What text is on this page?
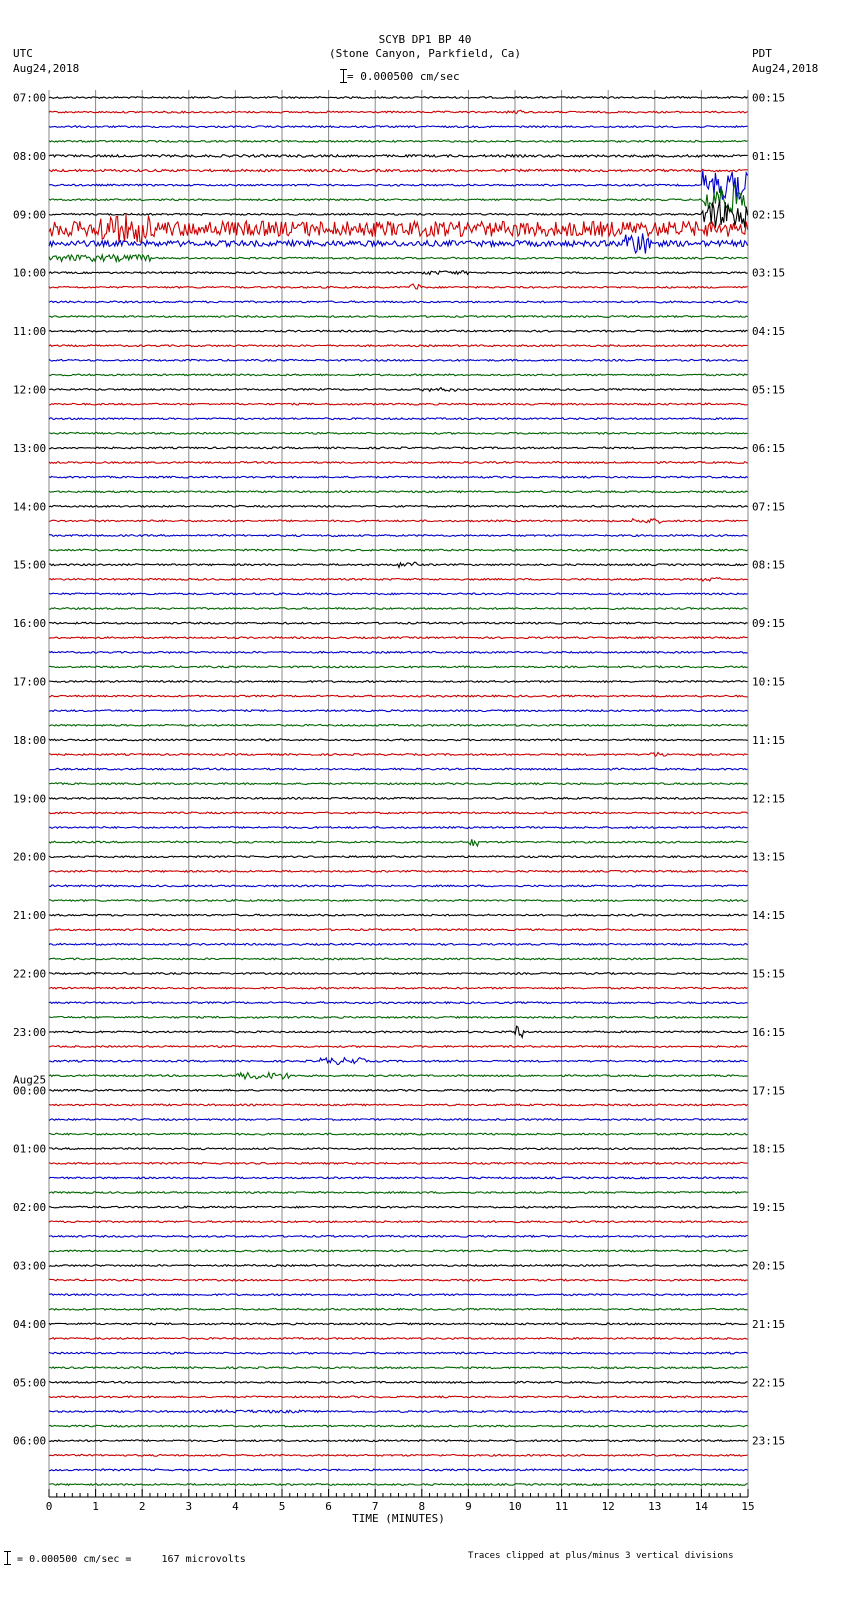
SCYB DP1 BP 40
(Stone Canyon, Parkfield, Ca)
= 0.000500 cm/sec
UTC
Aug24,2018
PDT
Aug24,2018
07:00
08:00
09:00
10:00
11:00
12:00
13:00
14:00
15:00
16:00
17:00
18:00
19:00
20:00
21:00
22:00
23:00
Aug25
00:00
01:00
02:00
03:00
04:00
05:00
06:00
00:15
01:15
02:15
03:15
04:15
05:15
06:15
07:15
08:15
09:15
10:15
11:15
12:15
13:15
14:15
15:15
16:15
17:15
18:15
19:15
20:15
21:15
22:15
23:15
0	1	2	3	4	5	6	7	8	9	10	11	12	13	14	15
TIME (MINUTES)
= 0.000500 cm/sec =	167 microvolts	Traces clipped at plus/minus 3 vertical divisions
